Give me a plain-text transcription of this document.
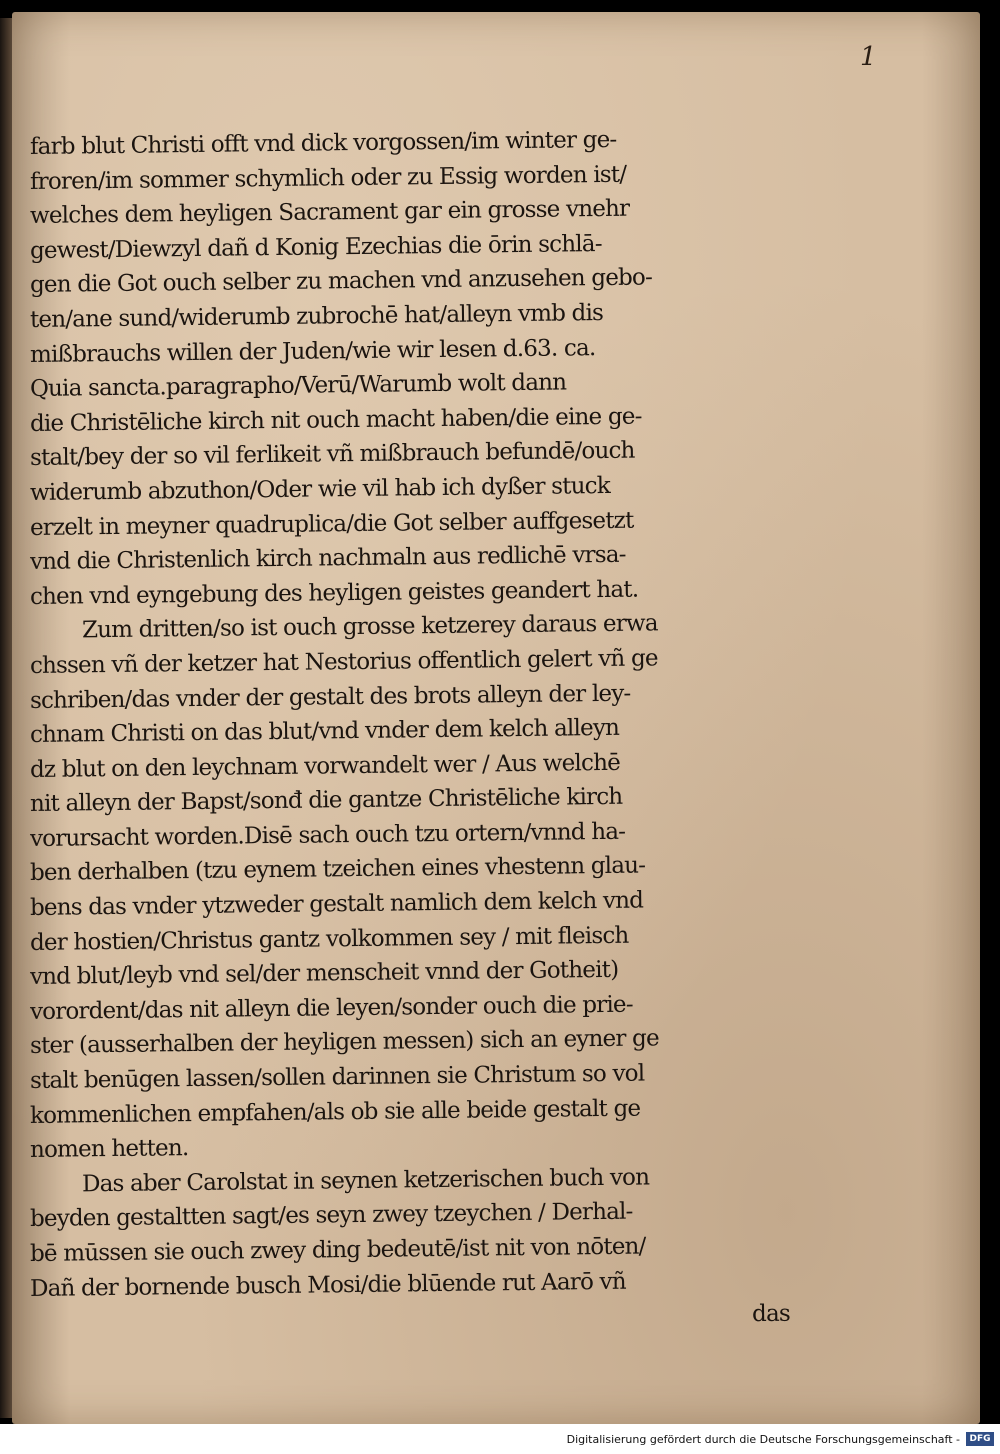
1
farb blut Christi offt vnd dick vorgossen/im winter ge-
froren/im sommer schymlich oder zu Essig worden ist/
welches dem heyligen Sacrament gar ein grosse vnehr
gewest/Diewzyl dañ d Konig Ezechias die ōrin schlā-
gen die Got ouch selber zu machen vnd anzusehen gebo-
ten/ane sund/widerumb zubrochē hat/alleyn vmb dis
mißbrauchs willen der Juden/wie wir lesen d.63. ca.
Quia sancta.paragrapho/Verū/Warumb wolt dann
die Christēliche kirch nit ouch macht haben/die eine ge-
stalt/bey der so vil ferlikeit vñ mißbrauch befundē/ouch
widerumb abzuthon/Oder wie vil hab ich dyßer stuck
erzelt in meyner quadruplica/die Got selber auffgesetzt
vnd die Christenlich kirch nachmaln aus redlichē vrsa-
chen vnd eyngebung des heyligen geistes geandert hat.
Zum dritten/so ist ouch grosse ketzerey daraus erwa
chssen vñ der ketzer hat Nestorius offentlich gelert vñ ge
schriben/das vnder der gestalt des brots alleyn der ley-
chnam Christi on das blut/vnd vnder dem kelch alleyn
dz blut on den leychnam vorwandelt wer / Aus welchē
nit alleyn der Bapst/sonđ die gantze Christēliche kirch
vorursacht worden.Disē sach ouch tzu ortern/vnnd ha-
ben derhalben (tzu eynem tzeichen eines vhestenn glau-
bens das vnder ytzweder gestalt namlich dem kelch vnd
der hostien/Christus gantz volkommen sey / mit fleisch
vnd blut/leyb vnd sel/der menscheit vnnd der Gotheit)
vorordent/das nit alleyn die leyen/sonder ouch die prie-
ster (ausserhalben der heyligen messen) sich an eyner ge
stalt benūgen lassen/sollen darinnen sie Christum so vol
kommenlichen empfahen/als ob sie alle beide gestalt ge
nomen hetten.
Das aber Carolstat in seynen ketzerischen buch von
beyden gestaltten sagt/es seyn zwey tzeychen / Derhal-
bē mūssen sie ouch zwey ding bedeutē/ist nit von nōten/
Dañ der bornende busch Mosi/die blūende rut Aarō vñ
das
Digitalisierung gefördert durch die Deutsche Forschungsgemeinschaft -	DFG
